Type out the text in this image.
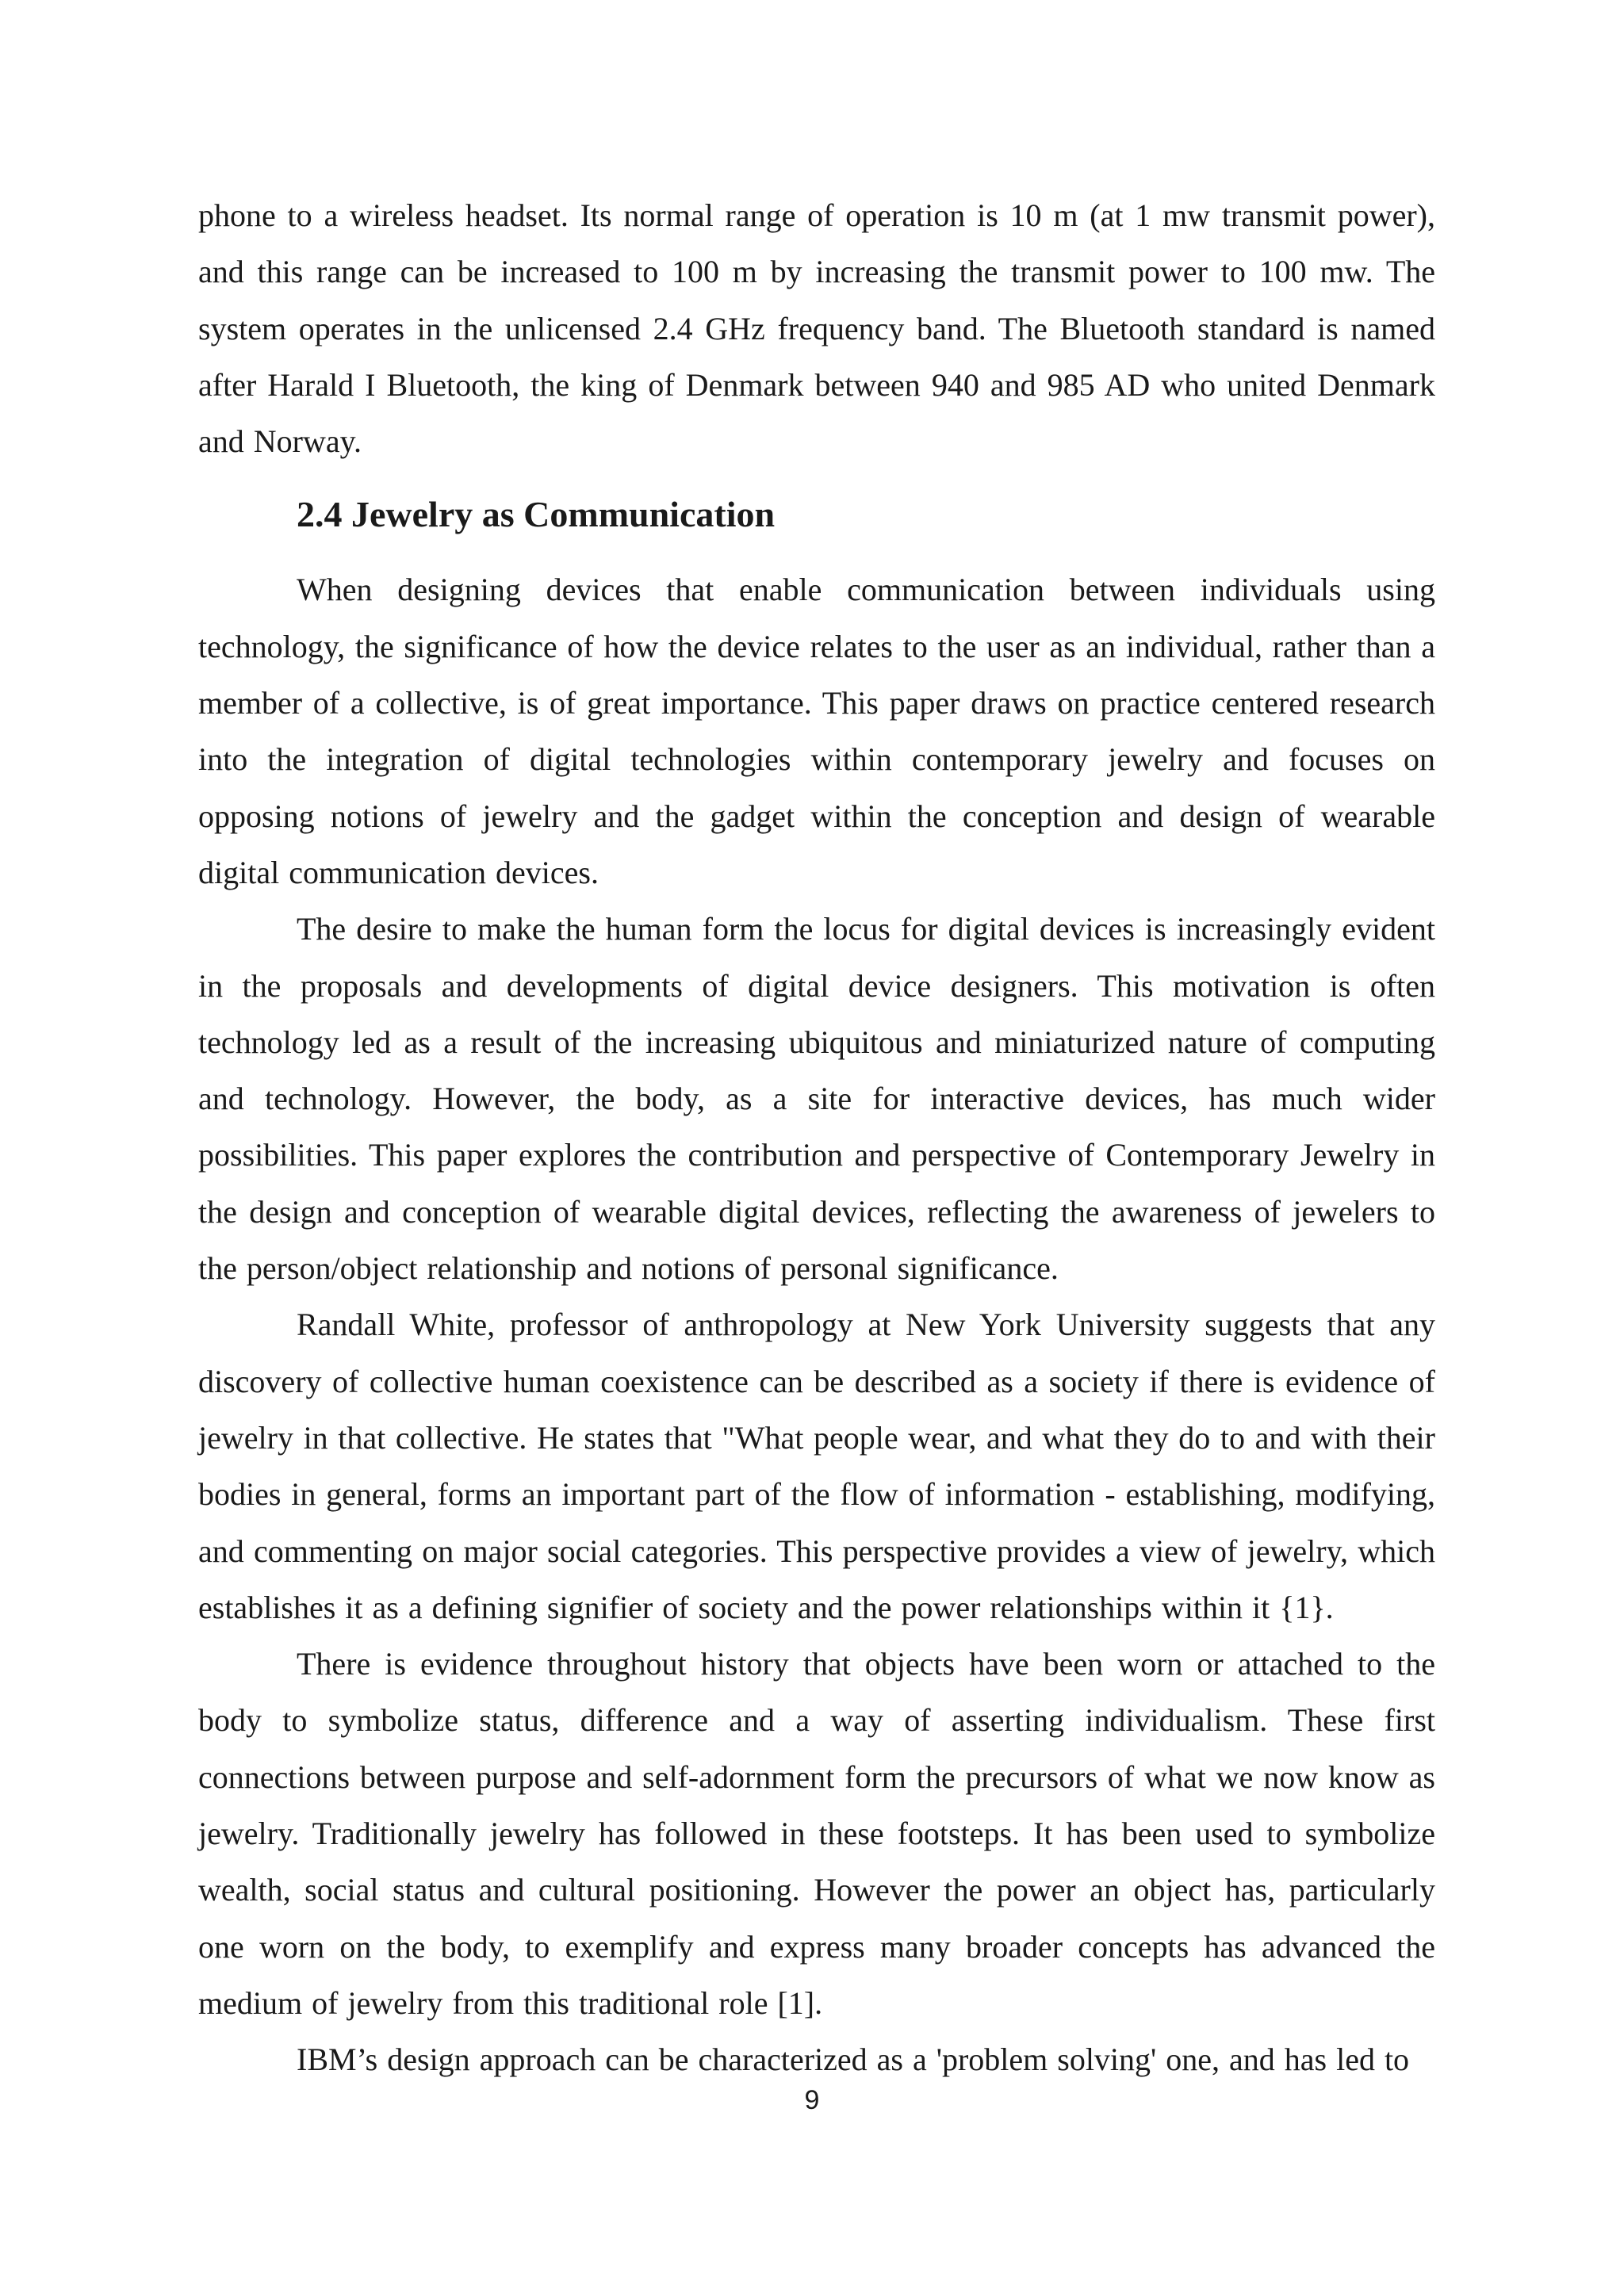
phone to a wireless headset. Its normal range of operation is 10 m (at 1 mw transmit power), and this range can be increased to 100 m by increasing the transmit power to 100 mw. The system operates in the unlicensed 2.4 GHz frequency band. The Bluetooth standard is named after Harald I Bluetooth, the king of Denmark between 940 and 985 AD who united Denmark and Norway.

2.4 Jewelry as Communication

When designing devices that enable communication between individuals using technology, the significance of how the device relates to the user as an individual, rather than a member of a collective, is of great importance. This paper draws on practice centered research into the integration of digital technologies within contemporary jewelry and focuses on opposing notions of jewelry and the gadget within the conception and design of wearable digital communication devices.

The desire to make the human form the locus for digital devices is increasingly evident in the proposals and developments of digital device designers. This motivation is often technology led as a result of the increasing ubiquitous and miniaturized nature of computing and technology. However, the body, as a site for interactive devices, has much wider possibilities. This paper explores the contribution and perspective of Contemporary Jewelry in the design and conception of wearable digital devices, reflecting the awareness of jewelers to the person/object relationship and notions of personal significance.

Randall White, professor of anthropology at New York University suggests that any discovery of collective human coexistence can be described as a society if there is evidence of jewelry in that collective. He states that "What people wear, and what they do to and with their bodies in general, forms an important part of the flow of information - establishing, modifying, and commenting on major social categories. This perspective provides a view of jewelry, which establishes it as a defining signifier of society and the power relationships within it {1}.

There is evidence throughout history that objects have been worn or attached to the body to symbolize status, difference and a way of asserting individualism. These first connections between purpose and self-adornment form the precursors of what we now know as jewelry. Traditionally jewelry has followed in these footsteps. It has been used to symbolize wealth, social status and cultural positioning. However the power an object has, particularly one worn on the body, to exemplify and express many broader concepts has advanced the medium of jewelry from this traditional role [1].

IBM’s design approach can be characterized as a 'problem solving' one, and has led to

9
